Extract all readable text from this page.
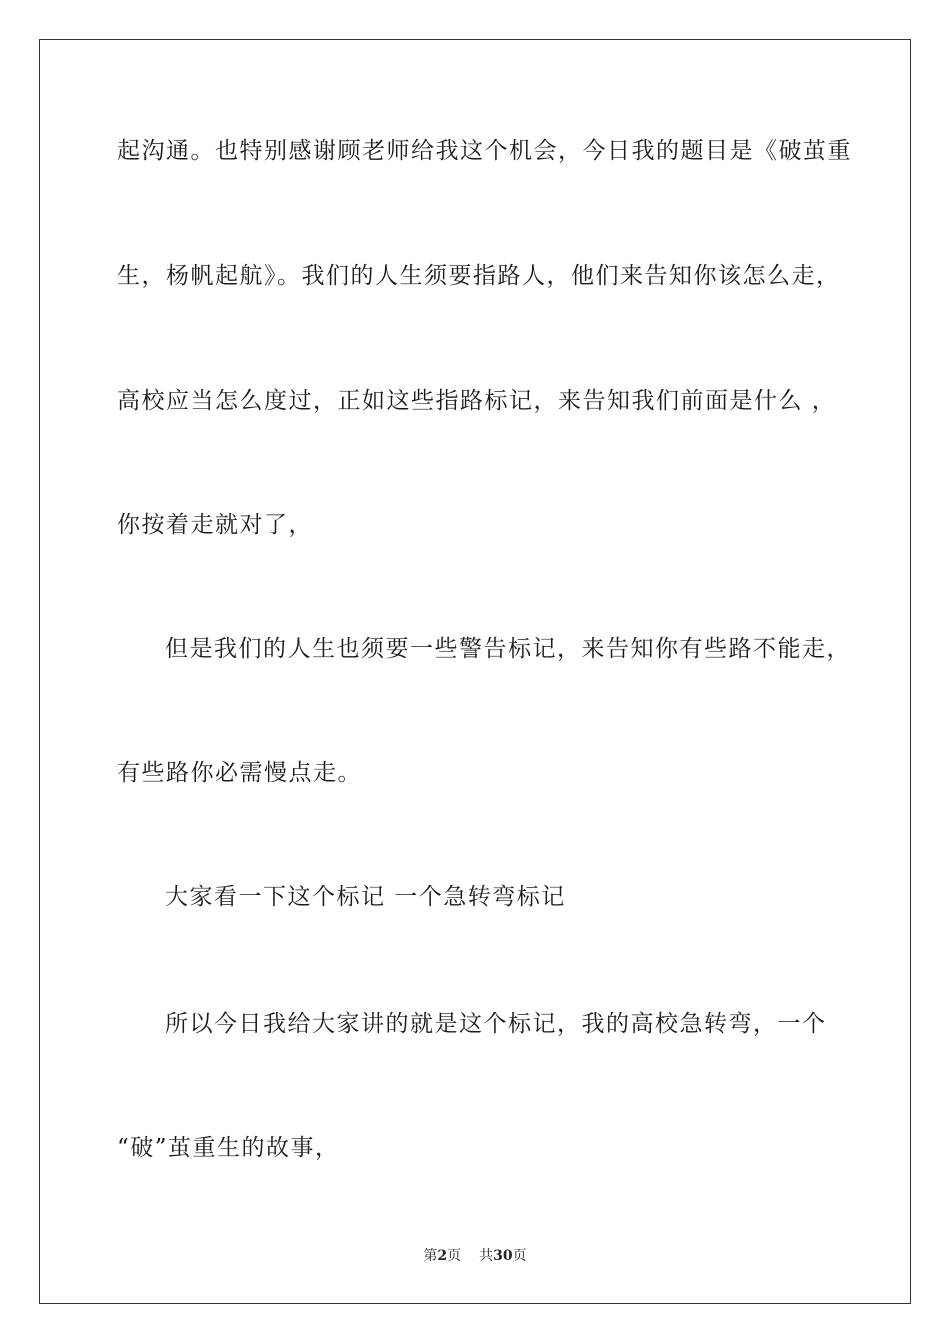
起沟通。也特别感谢顾老师给我这个机会，今日我的题目是《破茧重
生，杨帆起航》。我们的人生须要指路人，他们来告知你该怎么走，
高校应当怎么度过，正如这些指路标记，来告知我们前面是什么 ，
你按着走就对了，
但是我们的人生也须要一些警告标记，来告知你有些路不能走，
有些路你必需慢点走。
大家看一下这个标记 一个急转弯标记
所以今日我给大家讲的就是这个标记，我的高校急转弯，一个
“破”茧重生的故事，
第2页 共30页
